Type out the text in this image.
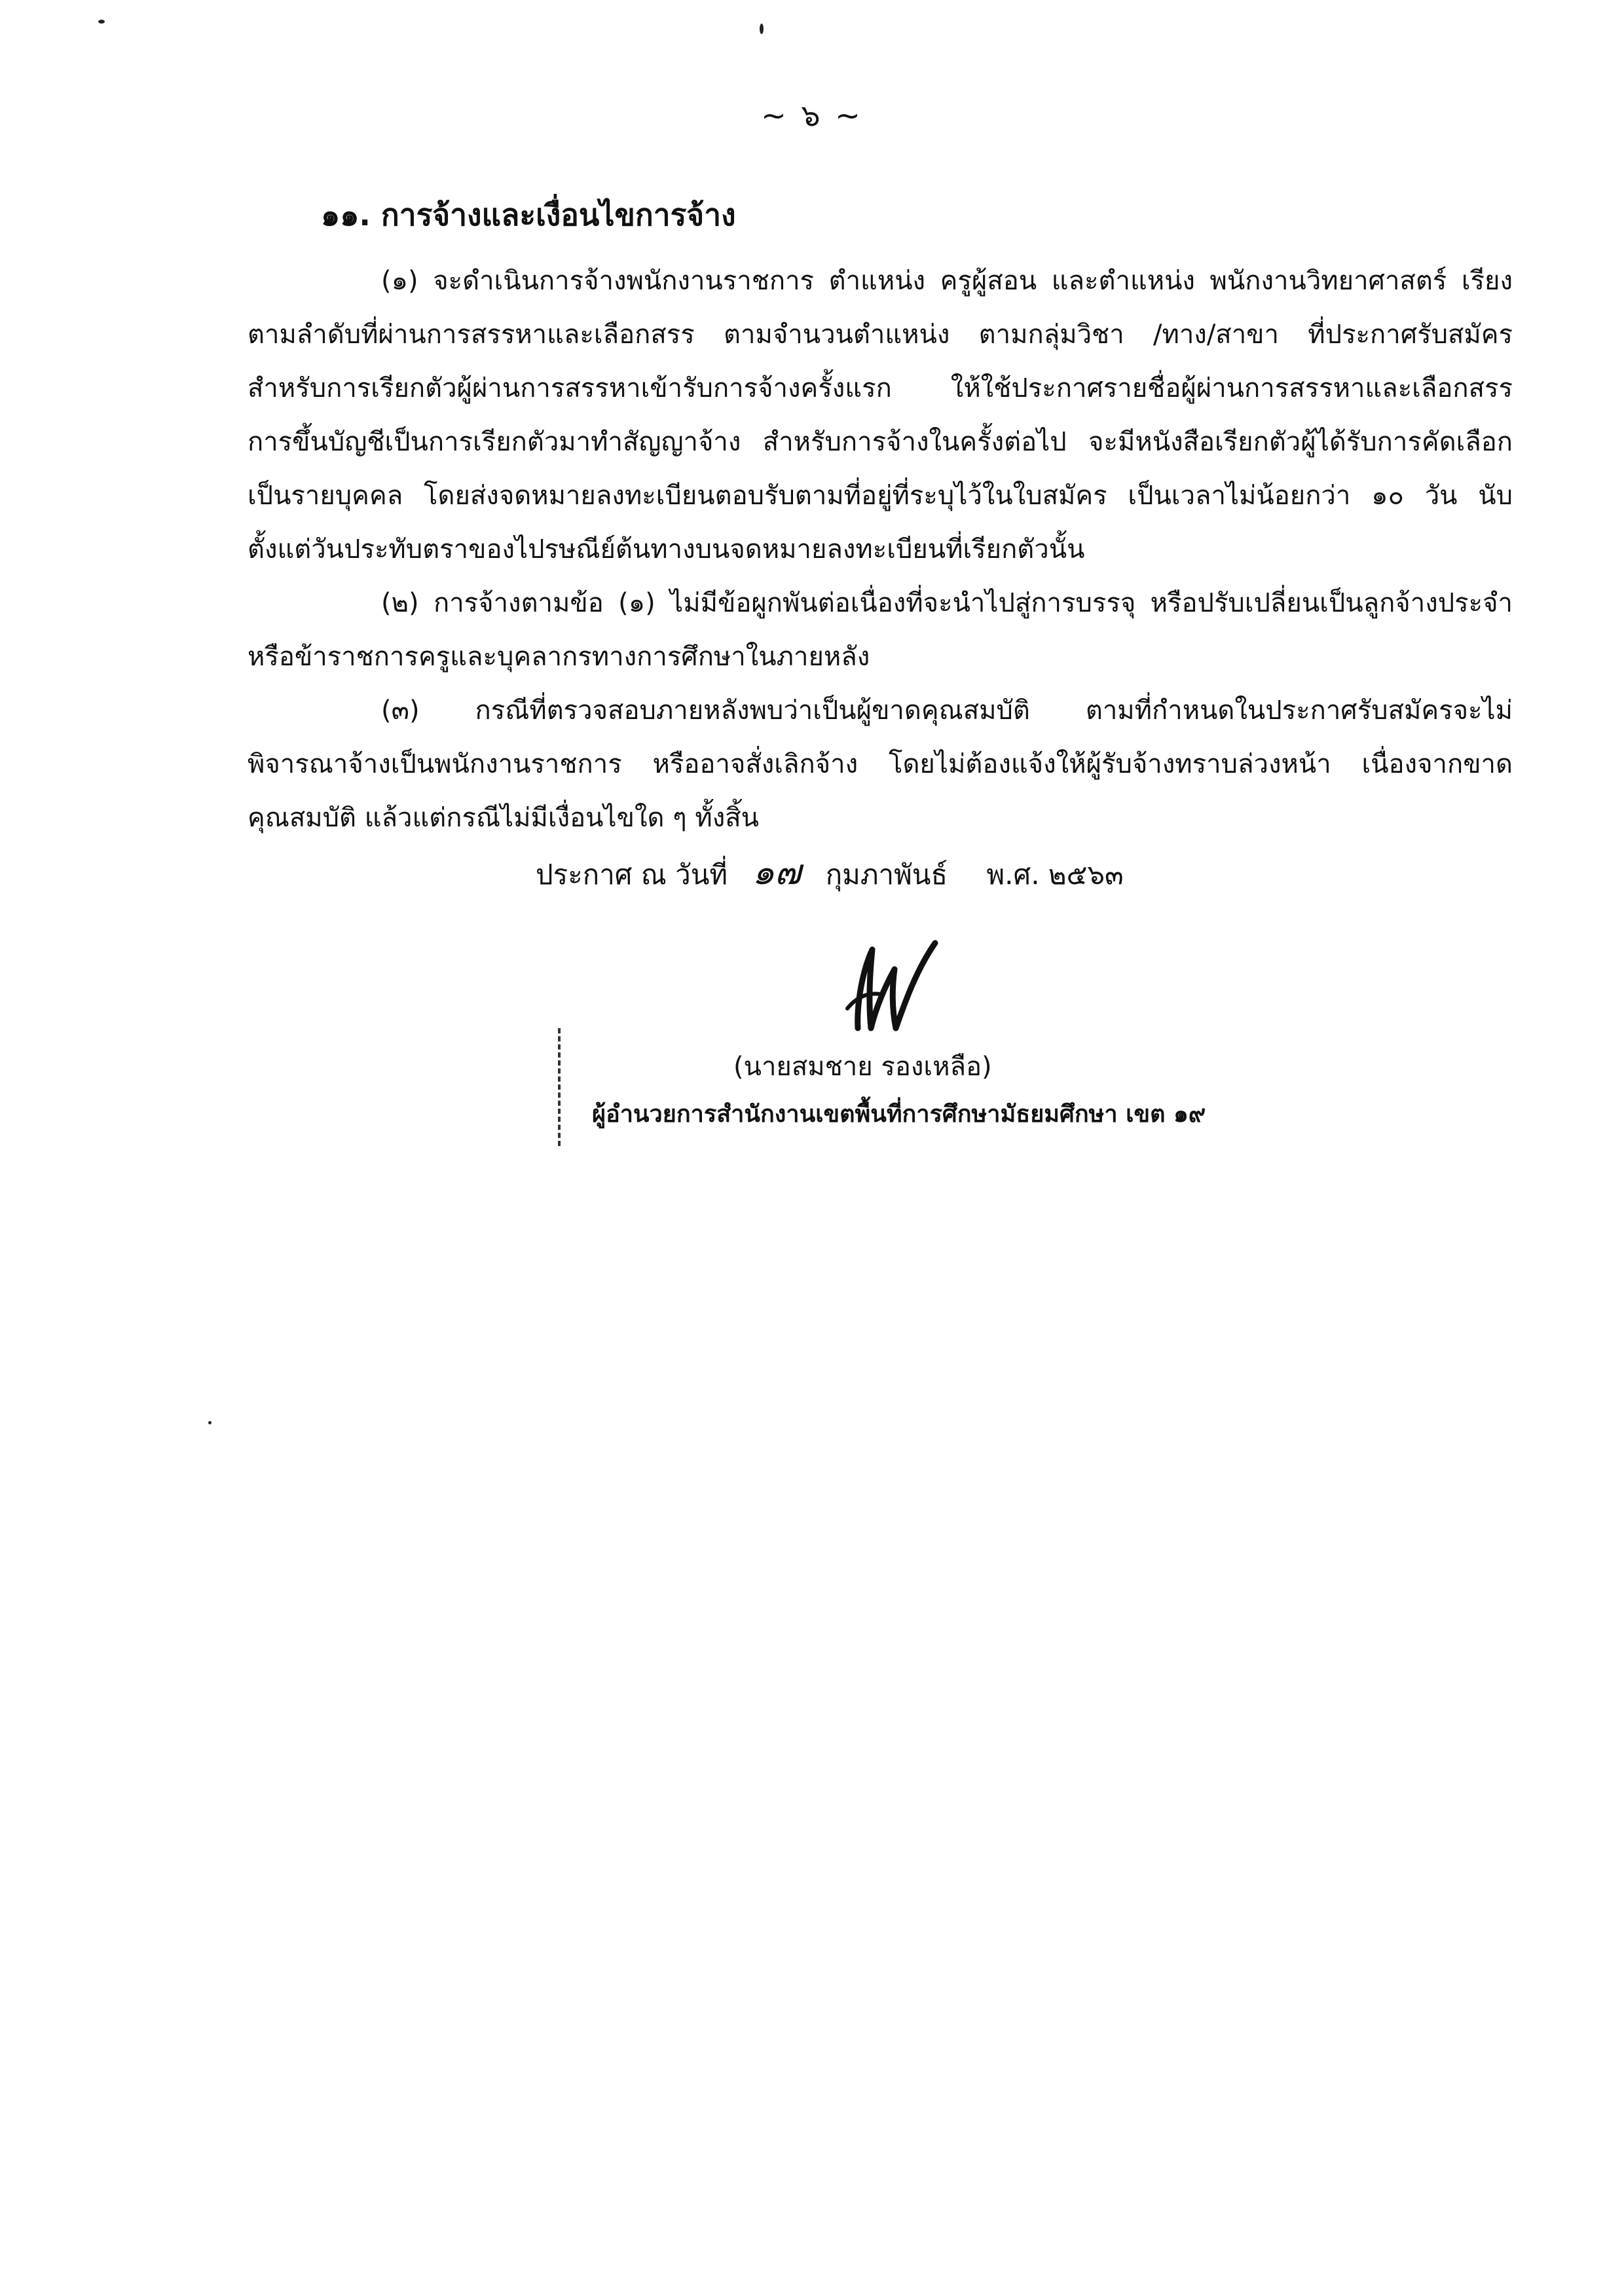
~ ๖ ~
๑๑. การจ้างและเงื่อนไขการจ้าง

(๑) จะดำเนินการจ้างพนักงานราชการ ตำแหน่ง ครูผู้สอน และตำแหน่ง พนักงานวิทยาศาสตร์ เรียงตามลำดับที่ผ่านการสรรหาและเลือกสรร ตามจำนวนตำแหน่ง ตามกลุ่มวิชา /ทาง/สาขา ที่ประกาศรับสมัคร สำหรับการเรียกตัวผู้ผ่านการสรรหาเข้ารับการจ้างครั้งแรก ให้ใช้ประกาศรายชื่อผู้ผ่านการสรรหาและเลือกสรร การขึ้นบัญชีเป็นการเรียกตัวมาทำสัญญาจ้าง สำหรับการจ้างในครั้งต่อไป จะมีหนังสือเรียกตัวผู้ได้รับการคัดเลือกเป็นรายบุคคล โดยส่งจดหมายลงทะเบียนตอบรับตามที่อยู่ที่ระบุไว้ในใบสมัคร เป็นเวลาไม่น้อยกว่า ๑๐ วัน นับตั้งแต่วันประทับตราของไปรษณีย์ต้นทางบนจดหมายลงทะเบียนที่เรียกตัวนั้น

(๒) การจ้างตามข้อ (๑) ไม่มีข้อผูกพันต่อเนื่องที่จะนำไปสู่การบรรจุ หรือปรับเปลี่ยนเป็นลูกจ้างประจำ หรือข้าราชการครูและบุคลากรทางการศึกษาในภายหลัง

(๓) กรณีที่ตรวจสอบภายหลังพบว่าเป็นผู้ขาดคุณสมบัติ ตามที่กำหนดในประกาศรับสมัครจะไม่พิจารณาจ้างเป็นพนักงานราชการ หรืออาจสั่งเลิกจ้าง โดยไม่ต้องแจ้งให้ผู้รับจ้างทราบล่วงหน้า เนื่องจากขาดคุณสมบัติ แล้วแต่กรณีไม่มีเงื่อนไขใด ๆ ทั้งสิ้น

ประกาศ ณ วันที่ ๑๗ กุมภาพันธ์ พ.ศ. ๒๕๖๓
(นายสมชาย รองเหลือ)
ผู้อำนวยการสำนักงานเขตพื้นที่การศึกษามัธยมศึกษา เขต ๑๙
